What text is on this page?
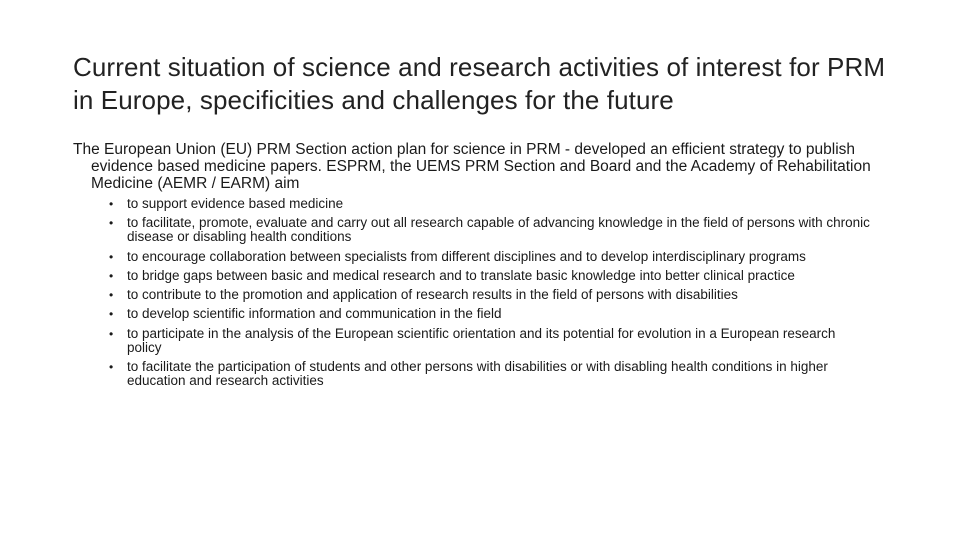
Current situation of science and research activities of interest for PRM in Europe, specificities and challenges for the future

The European Union (EU) PRM Section action plan for science in PRM - developed an efficient strategy to publish evidence based medicine papers. ESPRM, the UEMS PRM Section and Board and the Academy of Rehabilitation Medicine (AEMR / EARM) aim

• to support evidence based medicine
• to facilitate, promote, evaluate and carry out all research capable of advancing knowledge in the field of persons with chronic disease or disabling health conditions
• to encourage collaboration between specialists from different disciplines and to develop interdisciplinary programs
• to bridge gaps between basic and medical research and to translate basic knowledge into better clinical practice
• to contribute to the promotion and application of research results in the field of persons with disabilities
• to develop scientific information and communication in the field
• to participate in the analysis of the European scientific orientation and its potential for evolution in a European research policy
• to facilitate the participation of students and other persons with disabilities or with disabling health conditions in higher education and research activities
